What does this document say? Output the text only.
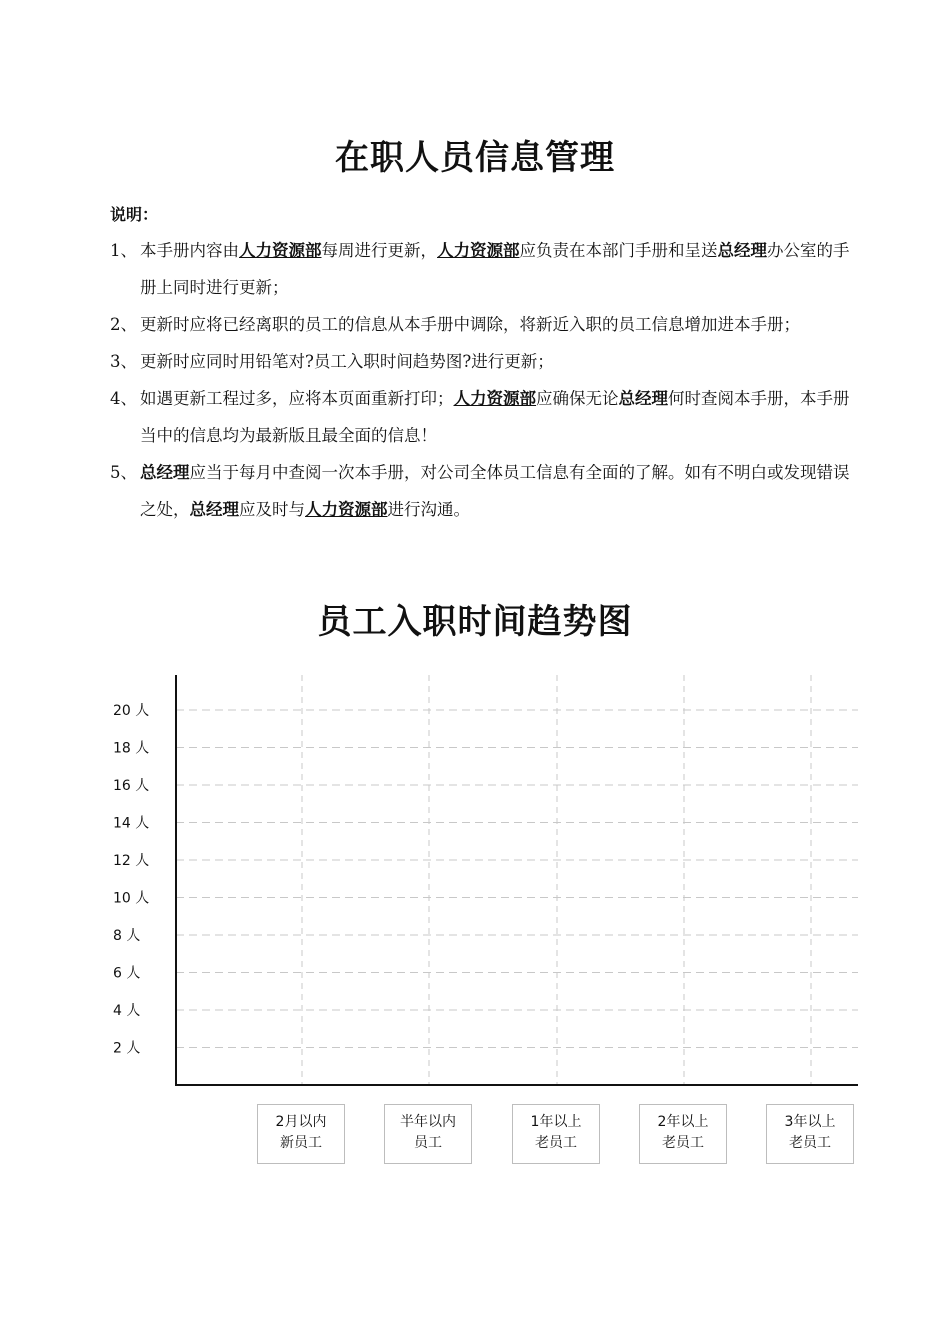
在职人员信息管理
说明：
1、 本手册内容由人力资源部每周进行更新，人力资源部应负责在本部门手册和呈送总经理办公室的手册上同时进行更新；
2、 更新时应将已经离职的员工的信息从本手册中调除，将新近入职的员工信息增加进本手册；
3、 更新时应同时用铅笔对?员工入职时间趋势图?进行更新；
4、 如遇更新工程过多，应将本页面重新打印；人力资源部应确保无论总经理何时查阅本手册，本手册当中的信息均为最新版且最全面的信息！
5、 总经理应当于每月中查阅一次本手册，对公司全体员工信息有全面的了解。如有不明白或发现错误之处，总经理应及时与人力资源部进行沟通。
员工入职时间趋势图
2 人
4 人
6 人
8 人
10 人
12 人
14 人
16 人
18 人
20 人
2月以内
新员工
半年以内
员工
1年以上
老员工
2年以上
老员工
3年以上
老员工
